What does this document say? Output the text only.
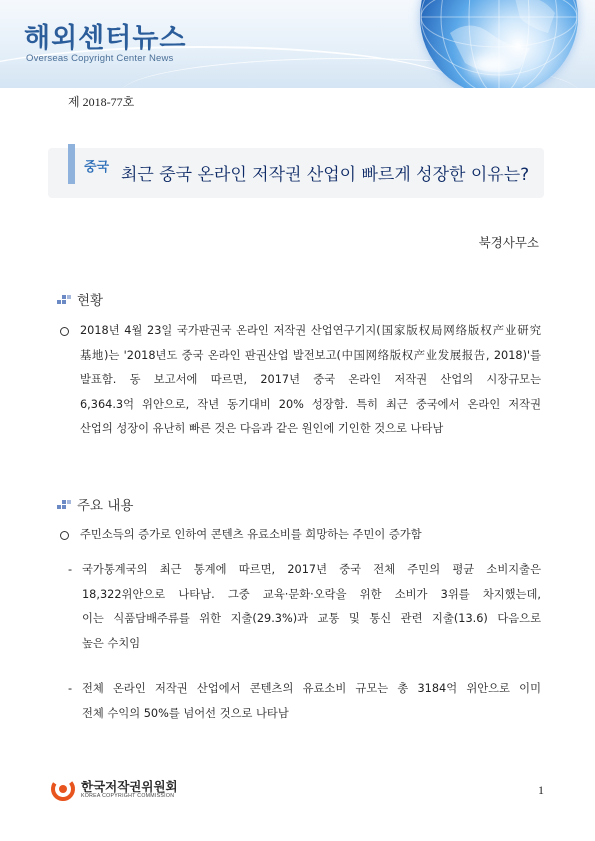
해외센터뉴스
Overseas Copyright Center News
제 2018-77호
중국 최근 중국 온라인 저작권 산업이 빠르게 성장한 이유는?
북경사무소
현황
2018년 4월 23일 국가판권국 온라인 저작권 산업연구기지(国家版权局网络版权产业研究
基地)는 '2018년도 중국 온라인 판권산업 발전보고(中国网络版权产业发展报告, 2018)'를
발표함. 동 보고서에 따르면, 2017년 중국 온라인 저작권 산업의 시장규모는
6,364.3억 위안으로, 작년 동기대비 20% 성장함. 특히 최근 중국에서 온라인 저작권
산업의 성장이 유난히 빠른 것은 다음과 같은 원인에 기인한 것으로 나타남
주요 내용
주민소득의 증가로 인하여 콘텐츠 유료소비를 희망하는 주민이 증가함
- 국가통계국의 최근 통계에 따르면, 2017년 중국 전체 주민의 평균 소비지출은
18,322위안으로 나타남. 그중 교육·문화·오락을 위한 소비가 3위를 차지했는데,
이는 식품담배주류를 위한 지출(29.3%)과 교통 및 통신 관련 지출(13.6) 다음으로
높은 수치임
- 전체 온라인 저작권 산업에서 콘텐츠의 유료소비 규모는 총 3184억 위안으로 이미
전체 수익의 50%를 넘어선 것으로 나타남
한국저작권위원회
KOREA COPYRIGHT COMMISSION	1
